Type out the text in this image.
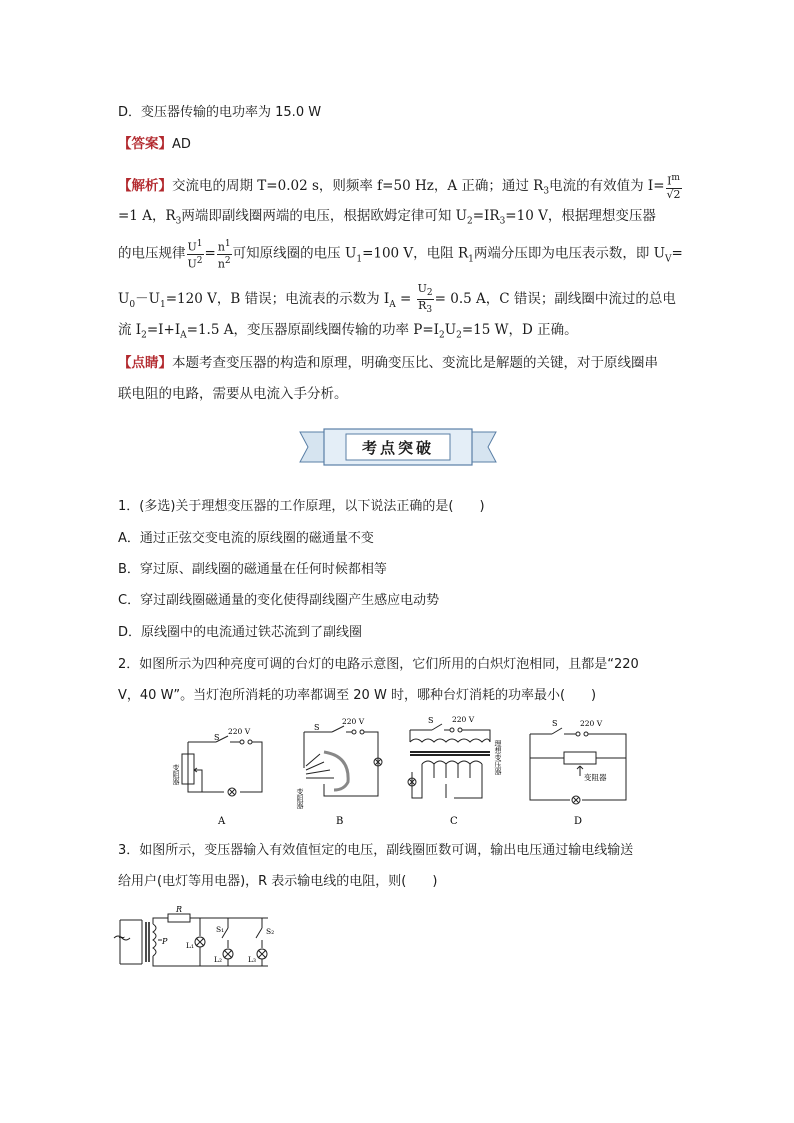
D．变压器传输的电功率为 15.0 W
【答案】AD
【解析】交流电的周期 T=0.02 s，则频率 f=50 Hz，A 正确；通过 $R_3$电流的有效值为 $I= \frac{I^m}{√2}$
=1 A，$R_3$两端即副线圈两端的电压，根据欧姆定律可知 $U_2=IR_3=10$ V，根据理想变压器
的电压规律 $\frac{U^1}{U^2} = \frac{n^1}{n^2}$ 可知原线圈的电压 $U_1=100$ V，电阻 $R_1$两端分压即为电压表示数，即 $U_V=$
$U_0-U_1=120$ V，B 错误；电流表的示数为 $I_A = \frac{U_2}{R_3} = 0.5$ A，C 错误；副线圈中流过的总电
流 $I_2=I+I_A=1.5$ A，变压器原副线圈传输的功率 $P=I_2U_2=15$ W，D 正确。
【点睛】本题考查变压器的构造和原理，明确变压比、变流比是解题的关键，对于原线圈串
联电阻的电路，需要从电流入手分析。
考点突破
1．(多选)关于理想变压器的工作原理，以下说法正确的是(　　)
A．通过正弦交变电流的原线圈的磁通量不变
B．穿过原、副线圈的磁通量在任何时候都相等
C．穿过副线圈磁通量的变化使得副线圈产生感应电动势
D．原线圈中的电流通过铁芯流到了副线圈
2．如图所示为四种亮度可调的台灯的电路示意图，它们所用的白炽灯泡相同，且都是“220
V，40 W”。当灯泡所消耗的功率都调至 20 W 时，哪种台灯消耗的功率最小(　　)
S
220 V
变阻器
A
S
220 V
变阻器
B
S 220 V
理想变压器
C
S	220 V
变阻器
D
3．如图所示，变压器输入有效值恒定的电压，副线圈匝数可调，输出电压通过输电线输送
给用户(电灯等用电器)，R 表示输电线的电阻，则(　　)
~
R
P L₁
S₁
L₂
S₂
L₃
